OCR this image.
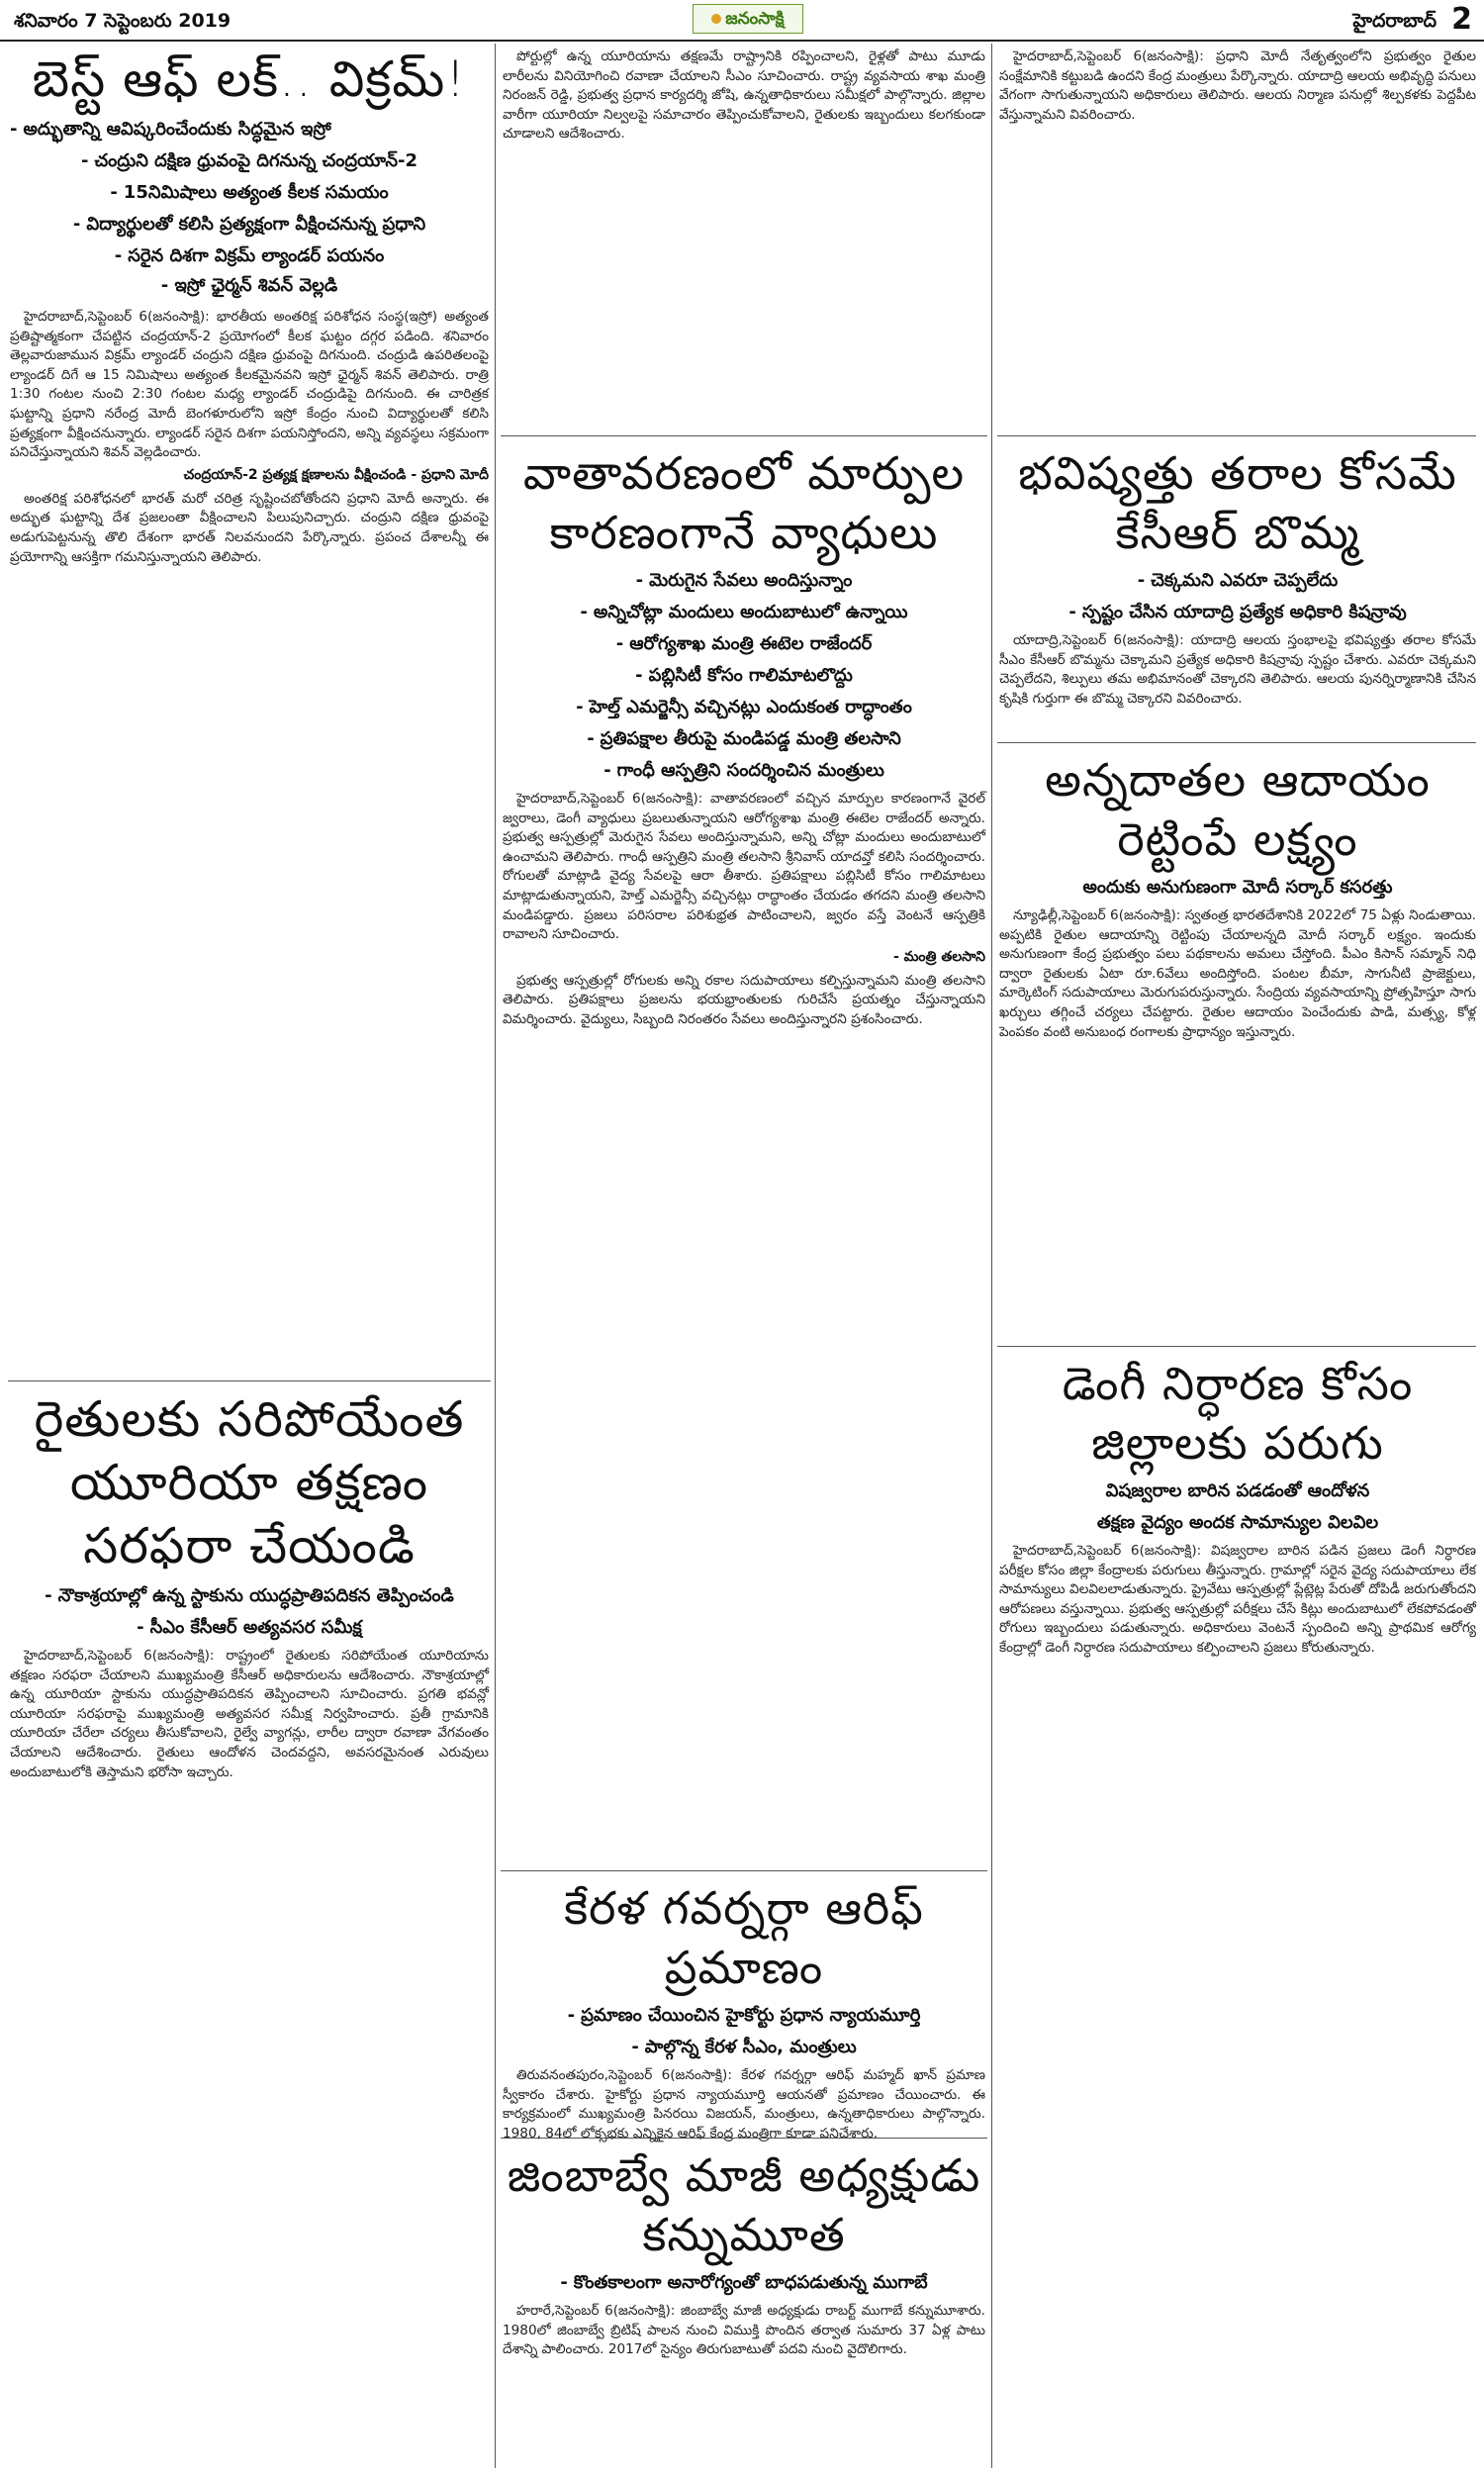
శనివారం 7 సెప్టెంబరు 2019	జనంసాక్షి	హైదరాబాద్ 2
బెస్ట్ ఆఫ్ లక్.. విక్రమ్!
- అద్భుతాన్ని ఆవిష్కరించేందుకు సిద్ధమైన ఇస్రో
- చంద్రుని దక్షిణ ధ్రువంపై దిగనున్న చంద్రయాన్-2
- 15నిమిషాలు అత్యంత కీలక సమయం
- విద్యార్థులతో కలిసి ప్రత్యక్షంగా వీక్షించనున్న ప్రధాని
- సరైన దిశగా విక్రమ్ ల్యాండర్ పయనం
- ఇస్రో ఛైర్మన్ శివన్ వెల్లడి

హైదరాబాద్,సెప్టెంబర్ 6(జనంసాక్షి): భారతీయ అంతరిక్ష పరిశోధన సంస్థ(ఇస్రో) అత్యంత ప్రతిష్టాత్మకంగా చేపట్టిన చంద్రయాన్-2 ప్రయోగంలో కీలక ఘట్టం దగ్గర పడింది. శనివారం తెల్లవారుజామున విక్రమ్ ల్యాండర్ చంద్రుని దక్షిణ ధ్రువంపై దిగనుంది. చంద్రుడి ఉపరితలంపై ల్యాండర్ దిగే ఆ 15 నిమిషాలు అత్యంత కీలకమైనవని ఇస్రో ఛైర్మన్ శివన్ తెలిపారు. రాత్రి 1:30 గంటల నుంచి 2:30 గంటల మధ్య ల్యాండర్ చంద్రుడిపై దిగనుంది. ఈ చారిత్రక ఘట్టాన్ని ప్రధాని నరేంద్ర మోదీ బెంగళూరులోని ఇస్రో కేంద్రం నుంచి విద్యార్థులతో కలిసి ప్రత్యక్షంగా వీక్షించనున్నారు. ల్యాండర్ సరైన దిశగా పయనిస్తోందని, అన్ని వ్యవస్థలు సక్రమంగా పనిచేస్తున్నాయని శివన్ వెల్లడించారు.

చంద్రయాన్-2 ప్రత్యక్ష క్షణాలను వీక్షించండి - ప్రధాని మోదీ

అంతరిక్ష పరిశోధనలో భారత్ మరో చరిత్ర సృష్టించబోతోందని ప్రధాని మోదీ అన్నారు. ఈ అద్భుత ఘట్టాన్ని దేశ ప్రజలంతా వీక్షించాలని పిలుపునిచ్చారు. చంద్రుని దక్షిణ ధ్రువంపై అడుగుపెట్టనున్న తొలి దేశంగా భారత్ నిలవనుందని పేర్కొన్నారు. ప్రపంచ దేశాలన్నీ ఈ ప్రయోగాన్ని ఆసక్తిగా గమనిస్తున్నాయని తెలిపారు.

రైతులకు సరిపోయేంత యూరియా తక్షణం సరఫరా చేయండి
- నౌకాశ్రయాల్లో ఉన్న స్టాకును యుద్ధప్రాతిపదికన తెప్పించండి
- సీఎం కేసీఆర్ అత్యవసర సమీక్ష

హైదరాబాద్,సెప్టెంబర్ 6(జనంసాక్షి): రాష్ట్రంలో రైతులకు సరిపోయేంత యూరియాను తక్షణం సరఫరా చేయాలని ముఖ్యమంత్రి కేసీఆర్ అధికారులను ఆదేశించారు. నౌకాశ్రయాల్లో ఉన్న యూరియా స్టాకును యుద్ధప్రాతిపదికన తెప్పించాలని సూచించారు. ప్రగతి భవన్లో యూరియా సరఫరాపై ముఖ్యమంత్రి అత్యవసర సమీక్ష నిర్వహించారు. ప్రతీ గ్రామానికి యూరియా చేరేలా చర్యలు తీసుకోవాలని, రైల్వే వ్యాగన్లు, లారీల ద్వారా రవాణా వేగవంతం చేయాలని ఆదేశించారు. రైతులు ఆందోళన చెందవద్దని, అవసరమైనంత ఎరువులు అందుబాటులోకి తెస్తామని భరోసా ఇచ్చారు.

పోర్టుల్లో ఉన్న యూరియాను తక్షణమే రాష్ట్రానికి రప్పించాలని, రైళ్లతో పాటు మూడు లారీలను వినియోగించి రవాణా చేయాలని సీఎం సూచించారు. రాష్ట్ర వ్యవసాయ శాఖ మంత్రి నిరంజన్ రెడ్డి, ప్రభుత్వ ప్రధాన కార్యదర్శి జోషి, ఉన్నతాధికారులు సమీక్షలో పాల్గొన్నారు. జిల్లాల వారీగా యూరియా నిల్వలపై సమాచారం తెప్పించుకోవాలని, రైతులకు ఇబ్బందులు కలగకుండా చూడాలని ఆదేశించారు.

వాతావరణంలో మార్పుల కారణంగానే వ్యాధులు
- మెరుగైన సేవలు అందిస్తున్నాం
- అన్నిచోట్లా మందులు అందుబాటులో ఉన్నాయి
- ఆరోగ్యశాఖ మంత్రి ఈటెల రాజేందర్
- పబ్లిసిటీ కోసం గాలిమాటలొద్దు
- హెల్త్ ఎమర్జెన్సీ వచ్చినట్లు ఎందుకంత రాద్ధాంతం
- ప్రతిపక్షాల తీరుపై మండిపడ్డ మంత్రి తలసాని
- గాంధీ ఆస్పత్రిని సందర్శించిన మంత్రులు

హైదరాబాద్,సెప్టెంబర్ 6(జనంసాక్షి): వాతావరణంలో వచ్చిన మార్పుల కారణంగానే వైరల్ జ్వరాలు, డెంగీ వ్యాధులు ప్రబలుతున్నాయని ఆరోగ్యశాఖ మంత్రి ఈటెల రాజేందర్ అన్నారు. ప్రభుత్వ ఆస్పత్రుల్లో మెరుగైన సేవలు అందిస్తున్నామని, అన్ని చోట్లా మందులు అందుబాటులో ఉంచామని తెలిపారు. గాంధీ ఆస్పత్రిని మంత్రి తలసాని శ్రీనివాస్ యాదవ్తో కలిసి సందర్శించారు. రోగులతో మాట్లాడి వైద్య సేవలపై ఆరా తీశారు. ప్రతిపక్షాలు పబ్లిసిటీ కోసం గాలిమాటలు మాట్లాడుతున్నాయని, హెల్త్ ఎమర్జెన్సీ వచ్చినట్లు రాద్ధాంతం చేయడం తగదని మంత్రి తలసాని మండిపడ్డారు. ప్రజలు పరిసరాల పరిశుభ్రత పాటించాలని, జ్వరం వస్తే వెంటనే ఆస్పత్రికి రావాలని సూచించారు.

- మంత్రి తలసాని

ప్రభుత్వ ఆస్పత్రుల్లో రోగులకు అన్ని రకాల సదుపాయాలు కల్పిస్తున్నామని మంత్రి తలసాని తెలిపారు. ప్రతిపక్షాలు ప్రజలను భయభ్రాంతులకు గురిచేసే ప్రయత్నం చేస్తున్నాయని విమర్శించారు. వైద్యులు, సిబ్బంది నిరంతరం సేవలు అందిస్తున్నారని ప్రశంసించారు.

కేరళ గవర్నర్గా ఆరిఫ్ ప్రమాణం
- ప్రమాణం చేయించిన హైకోర్టు ప్రధాన న్యాయమూర్తి
- పాల్గొన్న కేరళ సీఎం, మంత్రులు

తిరువనంతపురం,సెప్టెంబర్ 6(జనంసాక్షి): కేరళ గవర్నర్గా ఆరిఫ్ మహ్మద్ ఖాన్ ప్రమాణ స్వీకారం చేశారు. హైకోర్టు ప్రధాన న్యాయమూర్తి ఆయనతో ప్రమాణం చేయించారు. ఈ కార్యక్రమంలో ముఖ్యమంత్రి పినరయి విజయన్, మంత్రులు, ఉన్నతాధికారులు పాల్గొన్నారు. 1980, 84లో లోక్సభకు ఎన్నికైన ఆరిఫ్ కేంద్ర మంత్రిగా కూడా పనిచేశారు.

జింబాబ్వే మాజీ అధ్యక్షుడు కన్నుమూత
- కొంతకాలంగా అనారోగ్యంతో బాధపడుతున్న ముగాబే

హరారే,సెప్టెంబర్ 6(జనంసాక్షి): జింబాబ్వే మాజీ అధ్యక్షుడు రాబర్ట్ ముగాబే కన్నుమూశారు. 1980లో జింబాబ్వే బ్రిటిష్ పాలన నుంచి విముక్తి పొందిన తర్వాత సుమారు 37 ఏళ్ల పాటు దేశాన్ని పాలించారు. 2017లో సైన్యం తిరుగుబాటుతో పదవి నుంచి వైదొలిగారు.

హైదరాబాద్,సెప్టెంబర్ 6(జనంసాక్షి): ప్రధాని మోదీ నేతృత్వంలోని ప్రభుత్వం రైతుల సంక్షేమానికి కట్టుబడి ఉందని కేంద్ర మంత్రులు పేర్కొన్నారు. యాదాద్రి ఆలయ అభివృద్ధి పనులు వేగంగా సాగుతున్నాయని అధికారులు తెలిపారు. ఆలయ నిర్మాణ పనుల్లో శిల్పకళకు పెద్దపీట వేస్తున్నామని వివరించారు.

భవిష్యత్తు తరాల కోసమే కేసీఆర్ బొమ్మ
- చెక్కమని ఎవరూ చెప్పలేదు
- స్పష్టం చేసిన యాదాద్రి ప్రత్యేక అధికారి కిషన్రావు

యాదాద్రి,సెప్టెంబర్ 6(జనంసాక్షి): యాదాద్రి ఆలయ స్తంభాలపై భవిష్యత్తు తరాల కోసమే సీఎం కేసీఆర్ బొమ్మను చెక్కామని ప్రత్యేక అధికారి కిషన్రావు స్పష్టం చేశారు. ఎవరూ చెక్కమని చెప్పలేదని, శిల్పులు తమ అభిమానంతో చెక్కారని తెలిపారు. ఆలయ పునర్నిర్మాణానికి చేసిన కృషికి గుర్తుగా ఈ బొమ్మ చెక్కారని వివరించారు.

అన్నదాతల ఆదాయం రెట్టింపే లక్ష్యం
అందుకు అనుగుణంగా మోదీ సర్కార్ కసరత్తు

న్యూఢిల్లీ,సెప్టెంబర్ 6(జనంసాక్షి): స్వతంత్ర భారతదేశానికి 2022లో 75 ఏళ్లు నిండుతాయి. అప్పటికి రైతుల ఆదాయాన్ని రెట్టింపు చేయాలన్నది మోదీ సర్కార్ లక్ష్యం. ఇందుకు అనుగుణంగా కేంద్ర ప్రభుత్వం పలు పథకాలను అమలు చేస్తోంది. పీఎం కిసాన్ సమ్మాన్ నిధి ద్వారా రైతులకు ఏటా రూ.6వేలు అందిస్తోంది. పంటల బీమా, సాగునీటి ప్రాజెక్టులు, మార్కెటింగ్ సదుపాయాలు మెరుగుపరుస్తున్నారు. సేంద్రియ వ్యవసాయాన్ని ప్రోత్సహిస్తూ సాగు ఖర్చులు తగ్గించే చర్యలు చేపట్టారు. రైతుల ఆదాయం పెంచేందుకు పాడి, మత్స్య, కోళ్ల పెంపకం వంటి అనుబంధ రంగాలకు ప్రాధాన్యం ఇస్తున్నారు.

డెంగీ నిర్ధారణ కోసం జిల్లాలకు పరుగు
విషజ్వరాల బారిన పడడంతో ఆందోళన
తక్షణ వైద్యం అందక సామాన్యుల విలవిల

హైదరాబాద్,సెప్టెంబర్ 6(జనంసాక్షి): విషజ్వరాల బారిన పడిన ప్రజలు డెంగీ నిర్ధారణ పరీక్షల కోసం జిల్లా కేంద్రాలకు పరుగులు తీస్తున్నారు. గ్రామాల్లో సరైన వైద్య సదుపాయాలు లేక సామాన్యులు విలవిలలాడుతున్నారు. ప్రైవేటు ఆస్పత్రుల్లో ప్లేట్లెట్ల పేరుతో దోపిడీ జరుగుతోందని ఆరోపణలు వస్తున్నాయి. ప్రభుత్వ ఆస్పత్రుల్లో పరీక్షలు చేసే కిట్లు అందుబాటులో లేకపోవడంతో రోగులు ఇబ్బందులు పడుతున్నారు. అధికారులు వెంటనే స్పందించి అన్ని ప్రాథమిక ఆరోగ్య కేంద్రాల్లో డెంగీ నిర్ధారణ సదుపాయాలు కల్పించాలని ప్రజలు కోరుతున్నారు.
